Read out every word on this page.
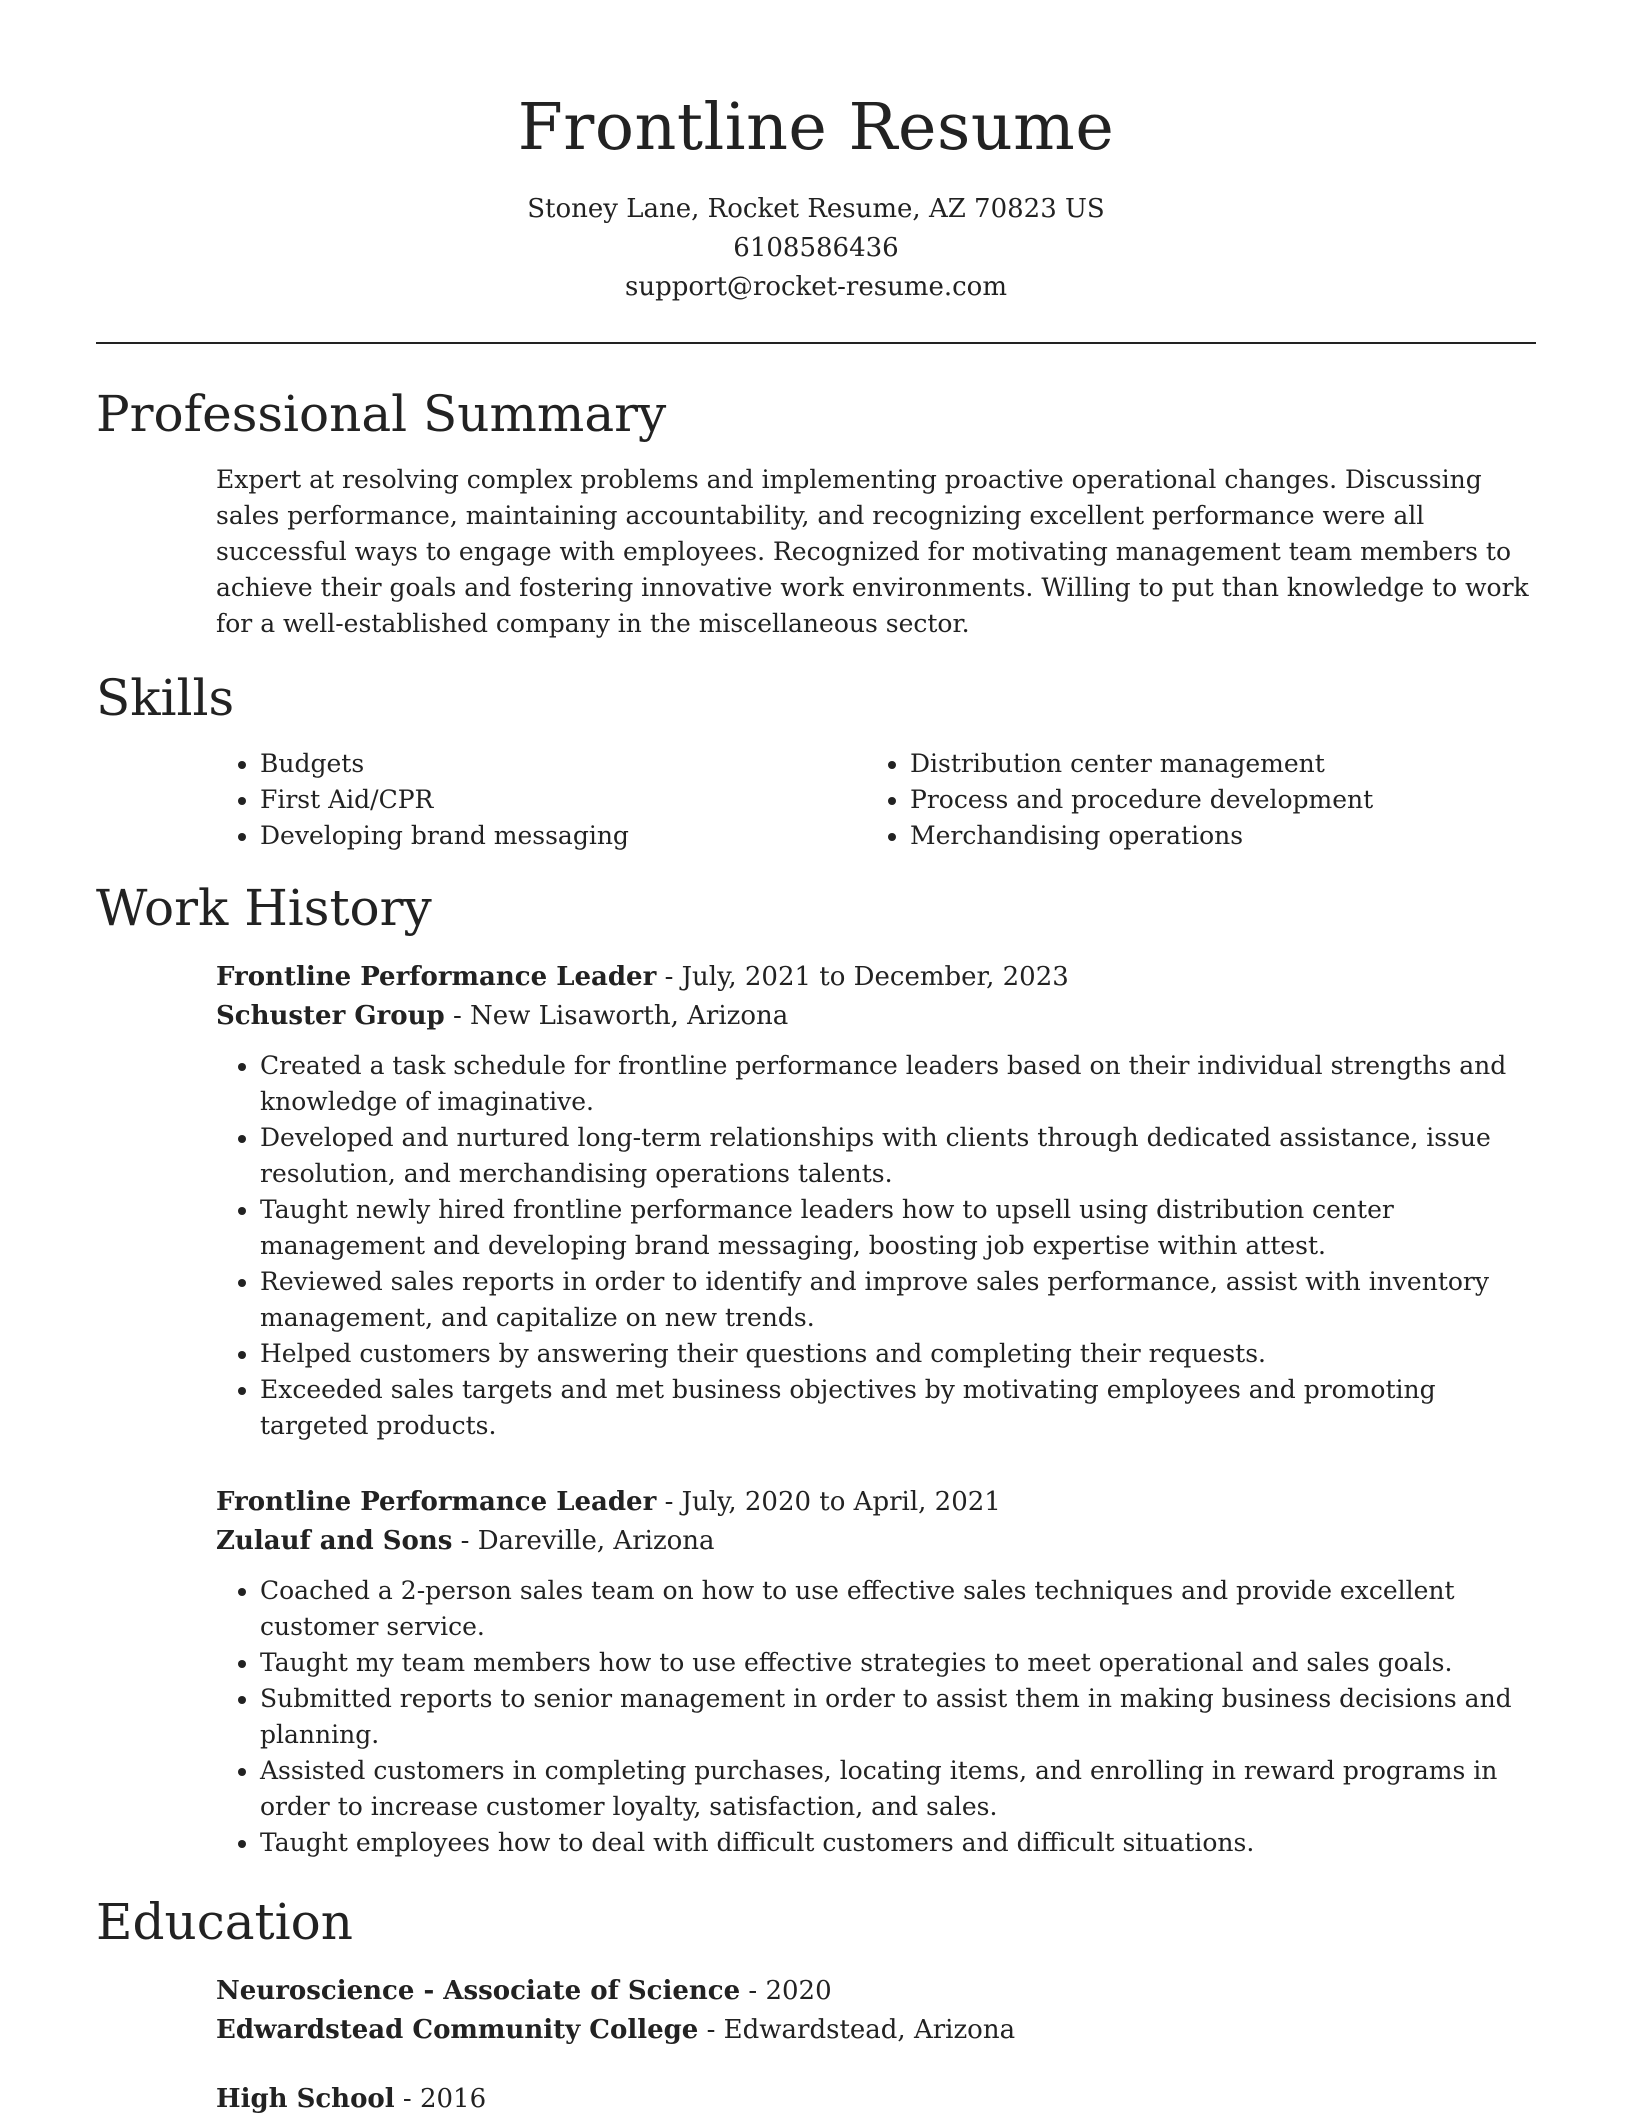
Frontline Resume
Stoney Lane, Rocket Resume, AZ 70823 US
6108586436
support@rocket-resume.com
Professional Summary

Expert at resolving complex problems and implementing proactive operational changes. Discussing sales performance, maintaining accountability, and recognizing excellent performance were all successful ways to engage with employees. Recognized for motivating management team members to achieve their goals and fostering innovative work environments. Willing to put than knowledge to work for a well-established company in the miscellaneous sector.

Skills
• Budgets
• First Aid/CPR
• Developing brand messaging
• Distribution center management
• Process and procedure development
• Merchandising operations
Work History
Frontline Performance Leader - July, 2021 to December, 2023
Schuster Group - New Lisaworth, Arizona
• Created a task schedule for frontline performance leaders based on their individual strengths and knowledge of imaginative.
• Developed and nurtured long-term relationships with clients through dedicated assistance, issue resolution, and merchandising operations talents.
• Taught newly hired frontline performance leaders how to upsell using distribution center management and developing brand messaging, boosting job expertise within attest.
• Reviewed sales reports in order to identify and improve sales performance, assist with inventory management, and capitalize on new trends.
• Helped customers by answering their questions and completing their requests.
• Exceeded sales targets and met business objectives by motivating employees and promoting targeted products.
Frontline Performance Leader - July, 2020 to April, 2021
Zulauf and Sons - Dareville, Arizona
• Coached a 2-person sales team on how to use effective sales techniques and provide excellent customer service.
• Taught my team members how to use effective strategies to meet operational and sales goals.
• Submitted reports to senior management in order to assist them in making business decisions and planning.
• Assisted customers in completing purchases, locating items, and enrolling in reward programs in order to increase customer loyalty, satisfaction, and sales.
• Taught employees how to deal with difficult customers and difficult situations.
Education
Neuroscience - Associate of Science - 2020
Edwardstead Community College - Edwardstead, Arizona
High School - 2016
